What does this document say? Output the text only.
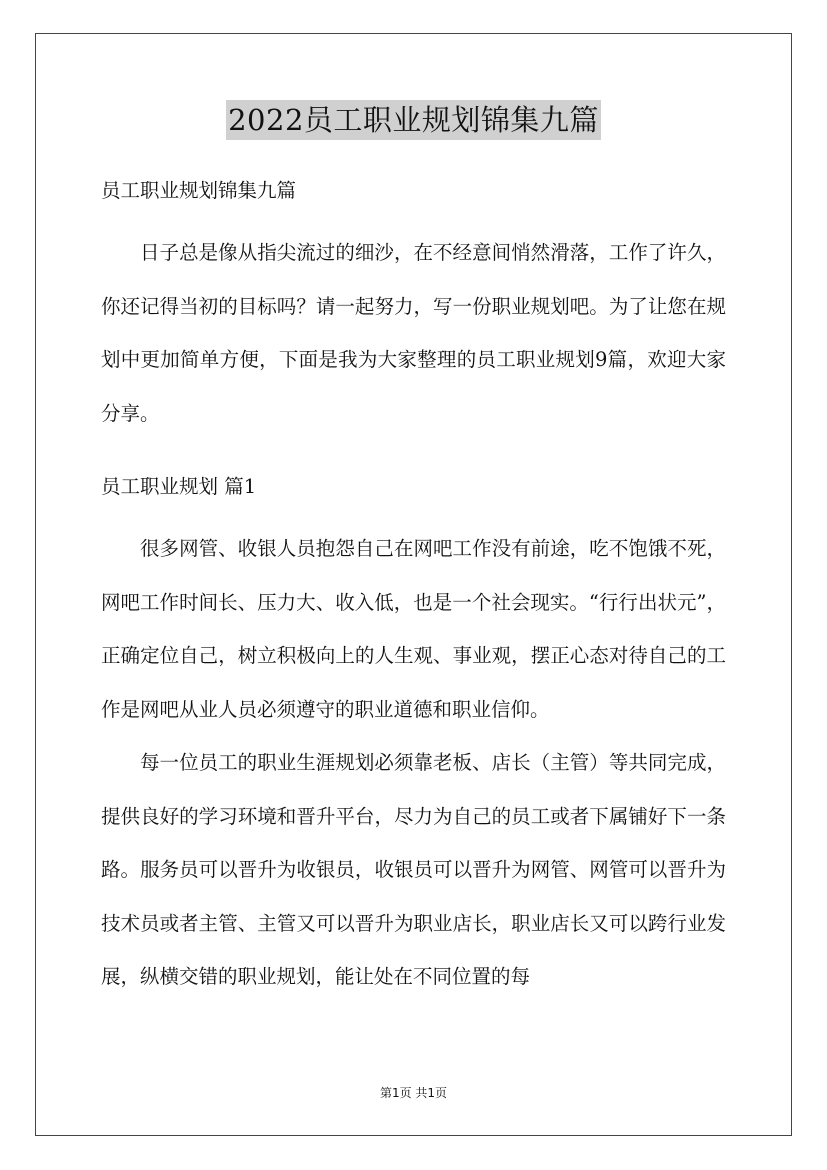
2022员工职业规划锦集九篇

员工职业规划锦集九篇

日子总是像从指尖流过的细沙，在不经意间悄然滑落，工作了许久，你还记得当初的目标吗？请一起努力，写一份职业规划吧。为了让您在规划中更加简单方便，下面是我为大家整理的员工职业规划9篇，欢迎大家分享。

员工职业规划 篇1

很多网管、收银人员抱怨自己在网吧工作没有前途，吃不饱饿不死，网吧工作时间长、压力大、收入低，也是一个社会现实。“行行出状元”，正确定位自己，树立积极向上的人生观、事业观，摆正心态对待自己的工作是网吧从业人员必须遵守的职业道德和职业信仰。

每一位员工的职业生涯规划必须靠老板、店长（主管）等共同完成，提供良好的学习环境和晋升平台，尽力为自己的员工或者下属铺好下一条路。服务员可以晋升为收银员，收银员可以晋升为网管、网管可以晋升为技术员或者主管、主管又可以晋升为职业店长，职业店长又可以跨行业发展，纵横交错的职业规划，能让处在不同位置的每

第1页 共1页
